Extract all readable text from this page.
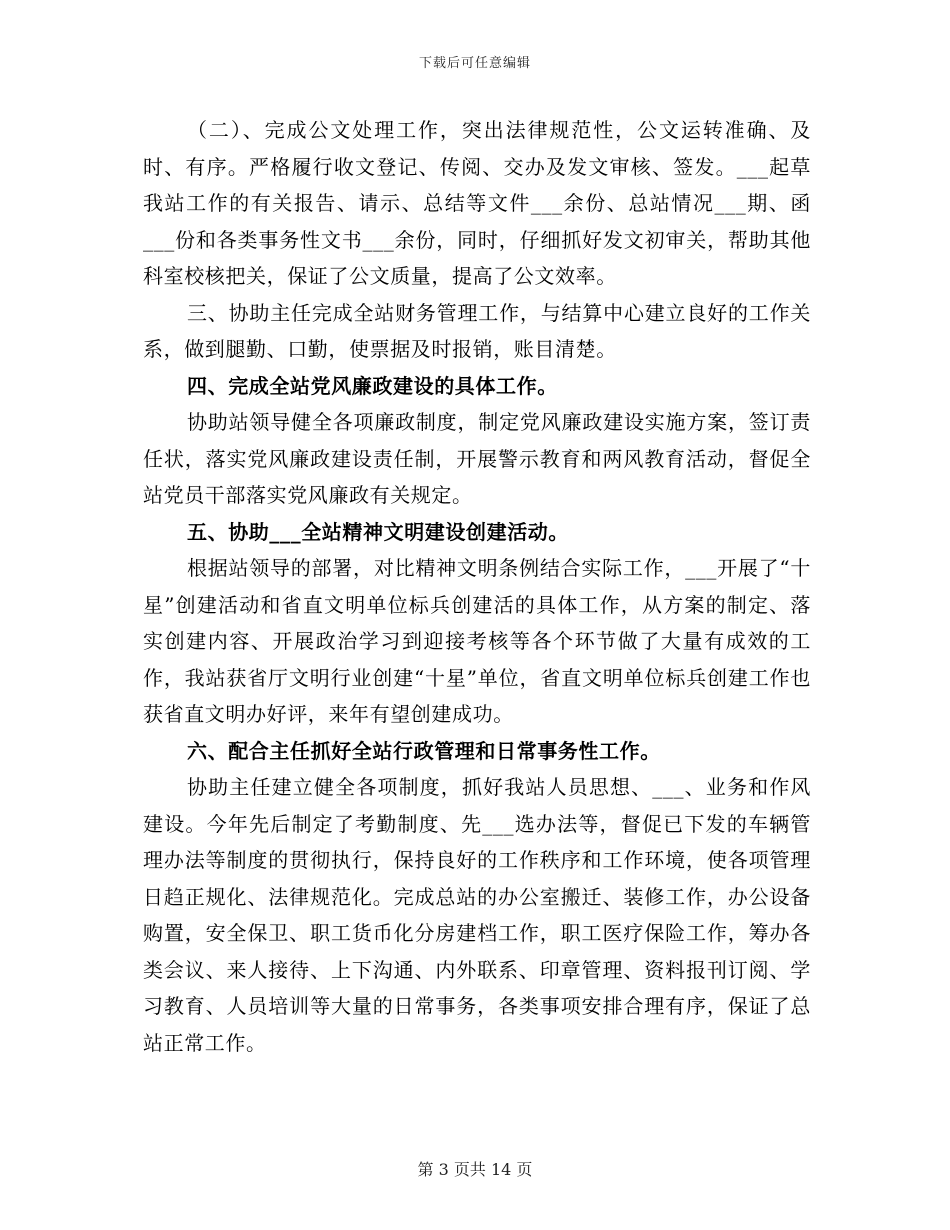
下载后可任意编辑

（二）、完成公文处理工作，突出法律规范性，公文运转准确、及时、有序。严格履行收文登记、传阅、交办及发文审核、签发。___起草我站工作的有关报告、请示、总结等文件___余份、总站情况___期、函___份和各类事务性文书___余份，同时，仔细抓好发文初审关，帮助其他科室校核把关，保证了公文质量，提高了公文效率。

三、协助主任完成全站财务管理工作，与结算中心建立良好的工作关系，做到腿勤、口勤，使票据及时报销，账目清楚。

四、完成全站党风廉政建设的具体工作。

协助站领导健全各项廉政制度，制定党风廉政建设实施方案，签订责任状，落实党风廉政建设责任制，开展警示教育和两风教育活动，督促全站党员干部落实党风廉政有关规定。

五、协助___全站精神文明建设创建活动。

根据站领导的部署，对比精神文明条例结合实际工作，___开展了“十星”创建活动和省直文明单位标兵创建活的具体工作，从方案的制定、落实创建内容、开展政治学习到迎接考核等各个环节做了大量有成效的工作，我站获省厅文明行业创建“十星”单位，省直文明单位标兵创建工作也获省直文明办好评，来年有望创建成功。

六、配合主任抓好全站行政管理和日常事务性工作。

协助主任建立健全各项制度，抓好我站人员思想、___、业务和作风建设。今年先后制定了考勤制度、先___选办法等，督促已下发的车辆管理办法等制度的贯彻执行，保持良好的工作秩序和工作环境，使各项管理日趋正规化、法律规范化。完成总站的办公室搬迁、装修工作，办公设备购置，安全保卫、职工货币化分房建档工作，职工医疗保险工作，筹办各类会议、来人接待、上下沟通、内外联系、印章管理、资料报刊订阅、学习教育、人员培训等大量的日常事务，各类事项安排合理有序，保证了总站正常工作。

第 3 页共 14 页
